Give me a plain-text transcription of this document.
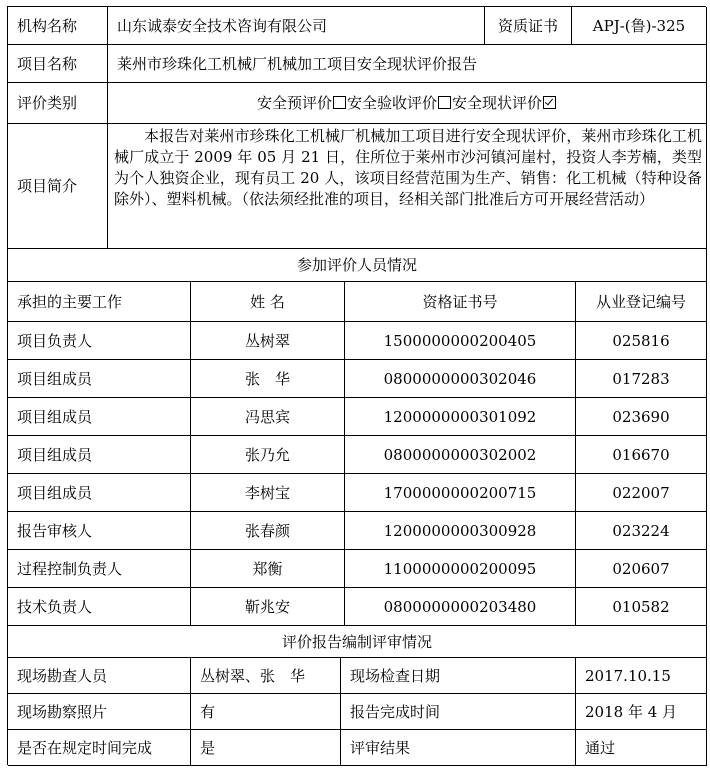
机构名称	山东诚泰安全技术咨询有限公司	资质证书	APJ-(鲁)-325
项目名称	莱州市珍珠化工机械厂机械加工项目安全现状评价报告
评价类别	安全预评价	安全验收评价	安全现状评价
项目简介
本报告对莱州市珍珠化工机械厂机械加工项目进行安全现状评价，莱州市珍珠化工机械厂成立于 2009 年 05 月 21 日，住所位于莱州市沙河镇河崖村，投资人李芳楠，类型为个人独资企业，现有员工 20 人，该项目经营范围为生产、销售：化工机械（特种设备除外）、塑料机械。（依法须经批准的项目，经相关部门批准后方可开展经营活动）
参加评价人员情况
承担的主要工作	姓 名	资格证书号	从业登记编号
项目负责人	丛树翠	1500000000200405	025816
项目组成员	张　华	0800000000302046	017283
项目组成员	冯思宾	1200000000301092	023690
项目组成员	张乃允	0800000000302002	016670
项目组成员	李树宝	1700000000200715	022007
报告审核人	张春颜	1200000000300928	023224
过程控制负责人	郑衡	1100000000200095	020607
技术负责人	靳兆安	0800000000203480	010582
评价报告编制评审情况
现场勘查人员	丛树翠、张　华	现场检查日期	2017.10.15
现场勘察照片	有	报告完成时间	2018 年 4 月
是否在规定时间完成	是	评审结果	通过
